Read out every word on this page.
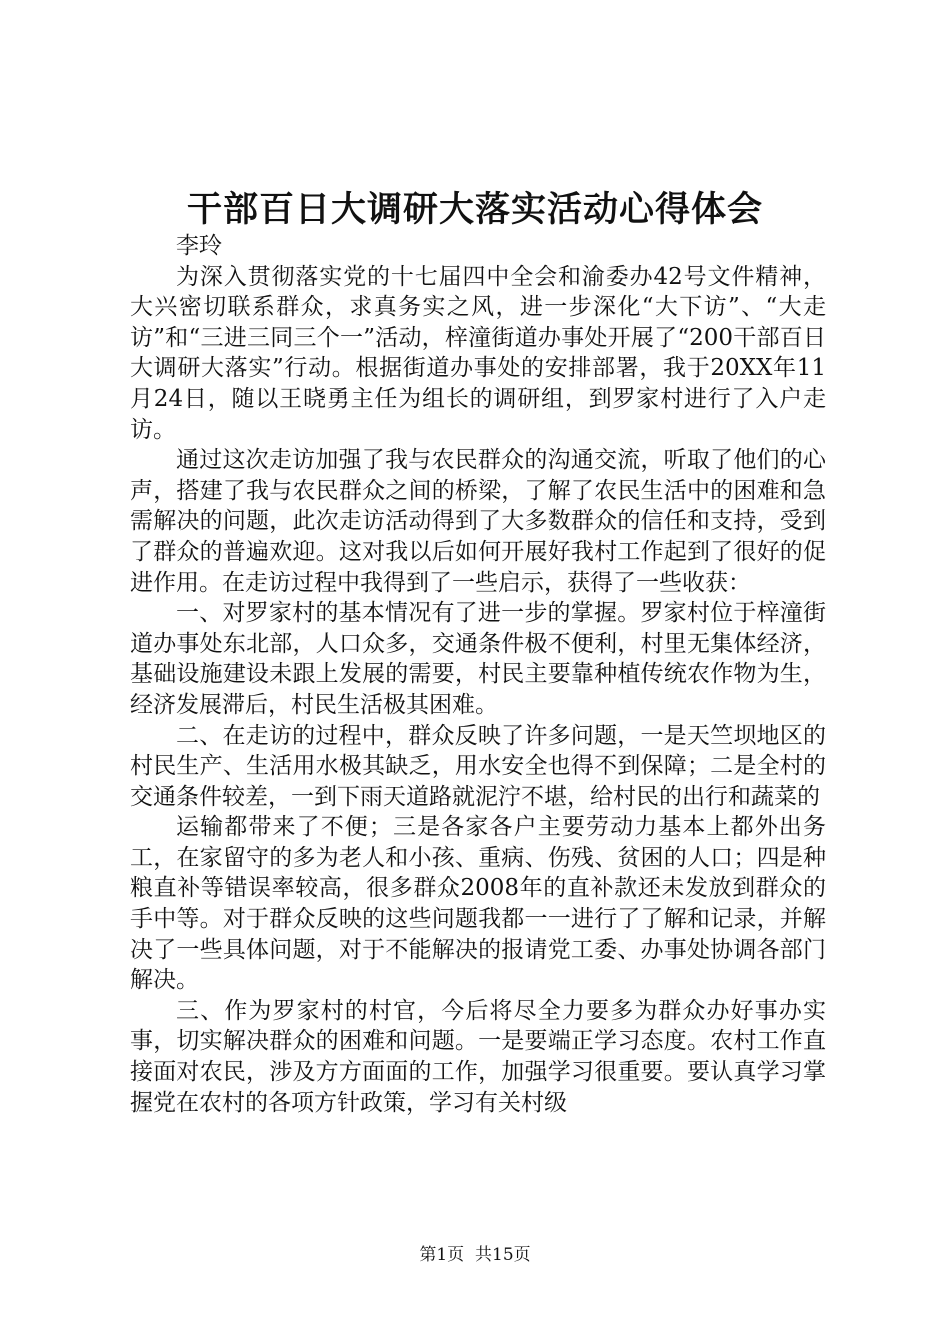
干部百日大调研大落实活动心得体会

李玲

为深入贯彻落实党的十七届四中全会和渝委办42号文件精神，大兴密切联系群众，求真务实之风，进一步深化“大下访”、“大走访”和“三进三同三个一”活动，梓潼街道办事处开展了“200干部百日大调研大落实”行动。根据街道办事处的安排部署，我于20XX年11月24日，随以王晓勇主任为组长的调研组，到罗家村进行了入户走访。

通过这次走访加强了我与农民群众的沟通交流，听取了他们的心声，搭建了我与农民群众之间的桥梁，了解了农民生活中的困难和急需解决的问题，此次走访活动得到了大多数群众的信任和支持，受到了群众的普遍欢迎。这对我以后如何开展好我村工作起到了很好的促进作用。在走访过程中我得到了一些启示，获得了一些收获：

一、对罗家村的基本情况有了进一步的掌握。罗家村位于梓潼街道办事处东北部，人口众多，交通条件极不便利，村里无集体经济，基础设施建设未跟上发展的需要，村民主要靠种植传统农作物为生，经济发展滞后，村民生活极其困难。

二、在走访的过程中，群众反映了许多问题，一是天竺坝地区的村民生产、生活用水极其缺乏，用水安全也得不到保障；二是全村的交通条件较差，一到下雨天道路就泥泞不堪，给村民的出行和蔬菜的

运输都带来了不便；三是各家各户主要劳动力基本上都外出务工，在家留守的多为老人和小孩、重病、伤残、贫困的人口；四是种粮直补等错误率较高，很多群众2008年的直补款还未发放到群众的手中等。对于群众反映的这些问题我都一一进行了了解和记录，并解决了一些具体问题，对于不能解决的报请党工委、办事处协调各部门解决。

三、作为罗家村的村官，今后将尽全力要多为群众办好事办实事，切实解决群众的困难和问题。一是要端正学习态度。农村工作直接面对农民，涉及方方面面的工作，加强学习很重要。要认真学习掌握党在农村的各项方针政策，学习有关村级

第1页 共15页
